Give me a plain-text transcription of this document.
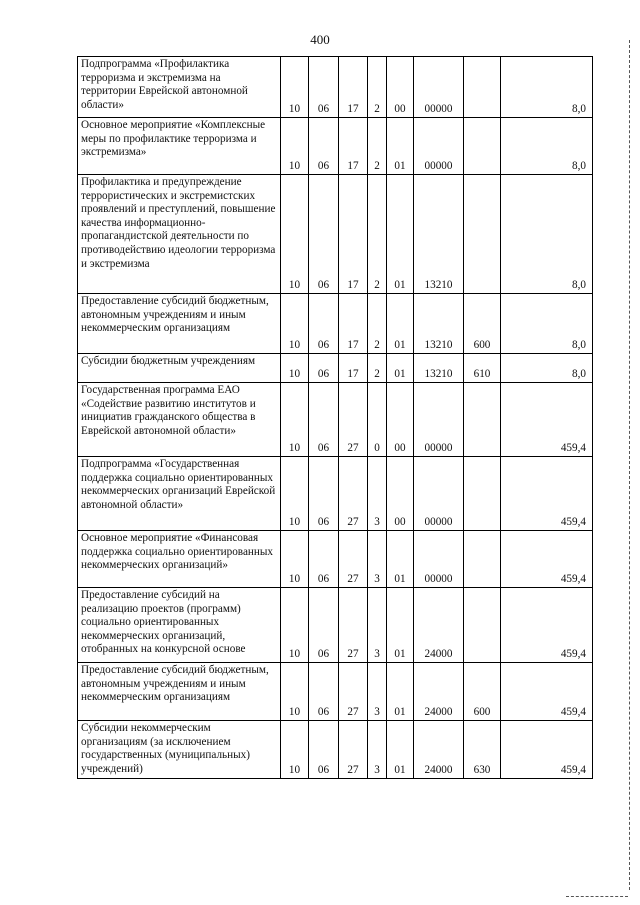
400
Подпрограмма «Профилактика терроризма и экстремизма на территории Еврейской автономной области»	10	06	17	2	00	00000		8,0
Основное мероприятие «Комплексные меры по профилактике терроризма и экстремизма»	10	06	17	2	01	00000		8,0
Профилактика и предупреждение террористических и экстремистских проявлений и преступлений, повышение качества информационно-пропагандистской деятельности по противодействию идеологии терроризма и экстремизма	10	06	17	2	01	13210		8,0
Предоставление субсидий бюджетным, автономным учреждениям и иным некоммерческим организациям	10	06	17	2	01	13210	600	8,0
Субсидии бюджетным учреждениям	10	06	17	2	01	13210	610	8,0
Государственная программа ЕАО «Содействие развитию институтов и инициатив гражданского общества в Еврейской автономной области»	10	06	27	0	00	00000		459,4
Подпрограмма «Государственная поддержка социально ориентированных некоммерческих организаций Еврейской автономной области»	10	06	27	3	00	00000		459,4
Основное мероприятие «Финансовая поддержка социально ориентированных некоммерческих организаций»	10	06	27	3	01	00000		459,4
Предоставление субсидий на реализацию проектов (программ) социально ориентированных некоммерческих организаций, отобранных на конкурсной основе	10	06	27	3	01	24000		459,4
Предоставление субсидий бюджетным, автономным учреждениям и иным некоммерческим организациям	10	06	27	3	01	24000	600	459,4
Субсидии некоммерческим организациям (за исключением государственных (муниципальных) учреждений)	10	06	27	3	01	24000	630	459,4
